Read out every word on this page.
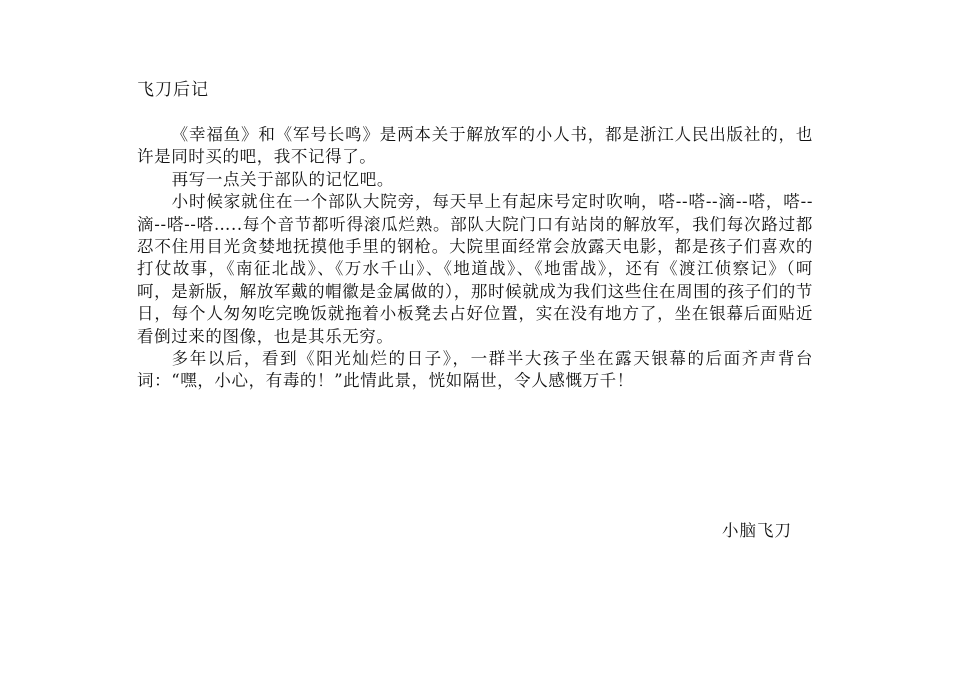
飞刀后记

《幸福鱼》和《军号长鸣》是两本关于解放军的小人书，都是浙江人民出版社的，也许是同时买的吧，我不记得了。

再写一点关于部队的记忆吧。

小时候家就住在一个部队大院旁，每天早上有起床号定时吹响，嗒--嗒--滴--嗒，嗒--滴--嗒--嗒…..每个音节都听得滚瓜烂熟。部队大院门口有站岗的解放军，我们每次路过都忍不住用目光贪婪地抚摸他手里的钢枪。大院里面经常会放露天电影，都是孩子们喜欢的打仗故事，《南征北战》、《万水千山》、《地道战》、《地雷战》，还有《渡江侦察记》（呵呵，是新版，解放军戴的帽徽是金属做的），那时候就成为我们这些住在周围的孩子们的节日，每个人匆匆吃完晚饭就拖着小板凳去占好位置，实在没有地方了，坐在银幕后面贴近看倒过来的图像，也是其乐无穷。

多年以后，看到《阳光灿烂的日子》，一群半大孩子坐在露天银幕的后面齐声背台词：“嘿，小心，有毒的！”此情此景，恍如隔世，令人感慨万千！

小脑飞刀
